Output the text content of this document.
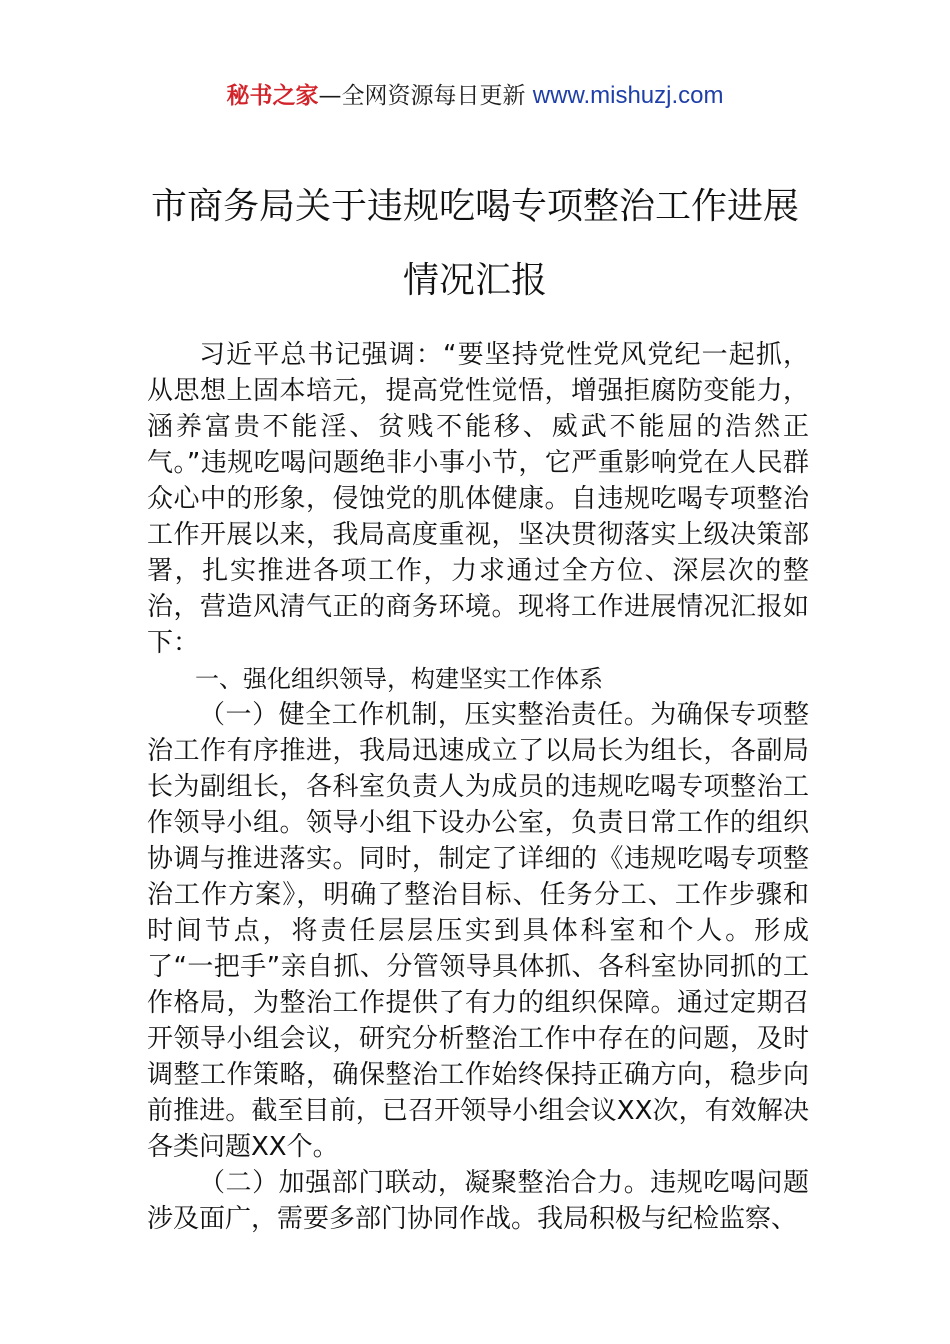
秘书之家—全网资源每日更新 www.mishuzj.com
市商务局关于违规吃喝专项整治工作进展
情况汇报

习近平总书记强调：“要坚持党性党风党纪一起抓，从思想上固本培元，提高党性觉悟，增强拒腐防变能力，涵养富贵不能淫、贫贱不能移、威武不能屈的浩然正气。”违规吃喝问题绝非小事小节，它严重影响党在人民群众心中的形象，侵蚀党的肌体健康。自违规吃喝专项整治工作开展以来，我局高度重视，坚决贯彻落实上级决策部署，扎实推进各项工作，力求通过全方位、深层次的整治，营造风清气正的商务环境。现将工作进展情况汇报如下：

一、强化组织领导，构建坚实工作体系

（一）健全工作机制，压实整治责任。为确保专项整治工作有序推进，我局迅速成立了以局长为组长，各副局长为副组长，各科室负责人为成员的违规吃喝专项整治工作领导小组。领导小组下设办公室，负责日常工作的组织协调与推进落实。同时，制定了详细的《违规吃喝专项整治工作方案》，明确了整治目标、任务分工、工作步骤和时间节点，将责任层层压实到具体科室和个人。形成了“一把手”亲自抓、分管领导具体抓、各科室协同抓的工作格局，为整治工作提供了有力的组织保障。通过定期召开领导小组会议，研究分析整治工作中存在的问题，及时调整工作策略，确保整治工作始终保持正确方向，稳步向前推进。截至目前，已召开领导小组会议XX次，有效解决各类问题XX个。

（二）加强部门联动，凝聚整治合力。违规吃喝问题涉及面广，需要多部门协同作战。我局积极与纪检监察、
